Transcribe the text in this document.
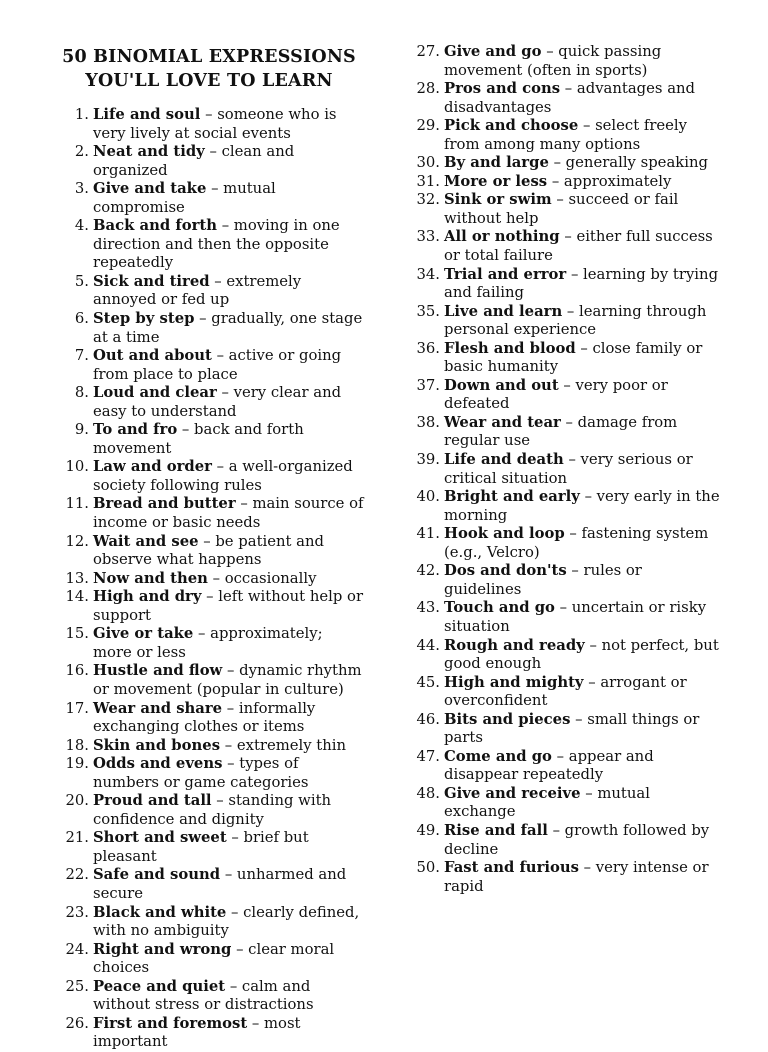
50 BINOMIAL EXPRESSIONS
YOU'LL LOVE TO LEARN
1. Life and soul – someone who is very lively at social events
2. Neat and tidy – clean and organized
3. Give and take – mutual compromise
4. Back and forth – moving in one direction and then the opposite repeatedly
5. Sick and tired – extremely annoyed or fed up
6. Step by step – gradually, one stage at a time
7. Out and about – active or going from place to place
8. Loud and clear – very clear and easy to understand
9. To and fro – back and forth movement
10. Law and order – a well-organized society following rules
11. Bread and butter – main source of income or basic needs
12. Wait and see – be patient and observe what happens
13. Now and then – occasionally
14. High and dry – left without help or support
15. Give or take – approximately; more or less
16. Hustle and flow – dynamic rhythm or movement (popular in culture)
17. Wear and share – informally exchanging clothes or items
18. Skin and bones – extremely thin
19. Odds and evens – types of numbers or game categories
20. Proud and tall – standing with confidence and dignity
21. Short and sweet – brief but pleasant
22. Safe and sound – unharmed and secure
23. Black and white – clearly defined, with no ambiguity
24. Right and wrong – clear moral choices
25. Peace and quiet – calm and without stress or distractions
26. First and foremost – most important
27. Give and go – quick passing movement (often in sports)
28. Pros and cons – advantages and disadvantages
29. Pick and choose – select freely from among many options
30. By and large – generally speaking
31. More or less – approximately
32. Sink or swim – succeed or fail without help
33. All or nothing – either full success or total failure
34. Trial and error – learning by trying and failing
35. Live and learn – learning through personal experience
36. Flesh and blood – close family or basic humanity
37. Down and out – very poor or defeated
38. Wear and tear – damage from regular use
39. Life and death – very serious or critical situation
40. Bright and early – very early in the morning
41. Hook and loop – fastening system (e.g., Velcro)
42. Dos and don'ts – rules or guidelines
43. Touch and go – uncertain or risky situation
44. Rough and ready – not perfect, but good enough
45. High and mighty – arrogant or overconfident
46. Bits and pieces – small things or parts
47. Come and go – appear and disappear repeatedly
48. Give and receive – mutual exchange
49. Rise and fall – growth followed by decline
50. Fast and furious – very intense or rapid
